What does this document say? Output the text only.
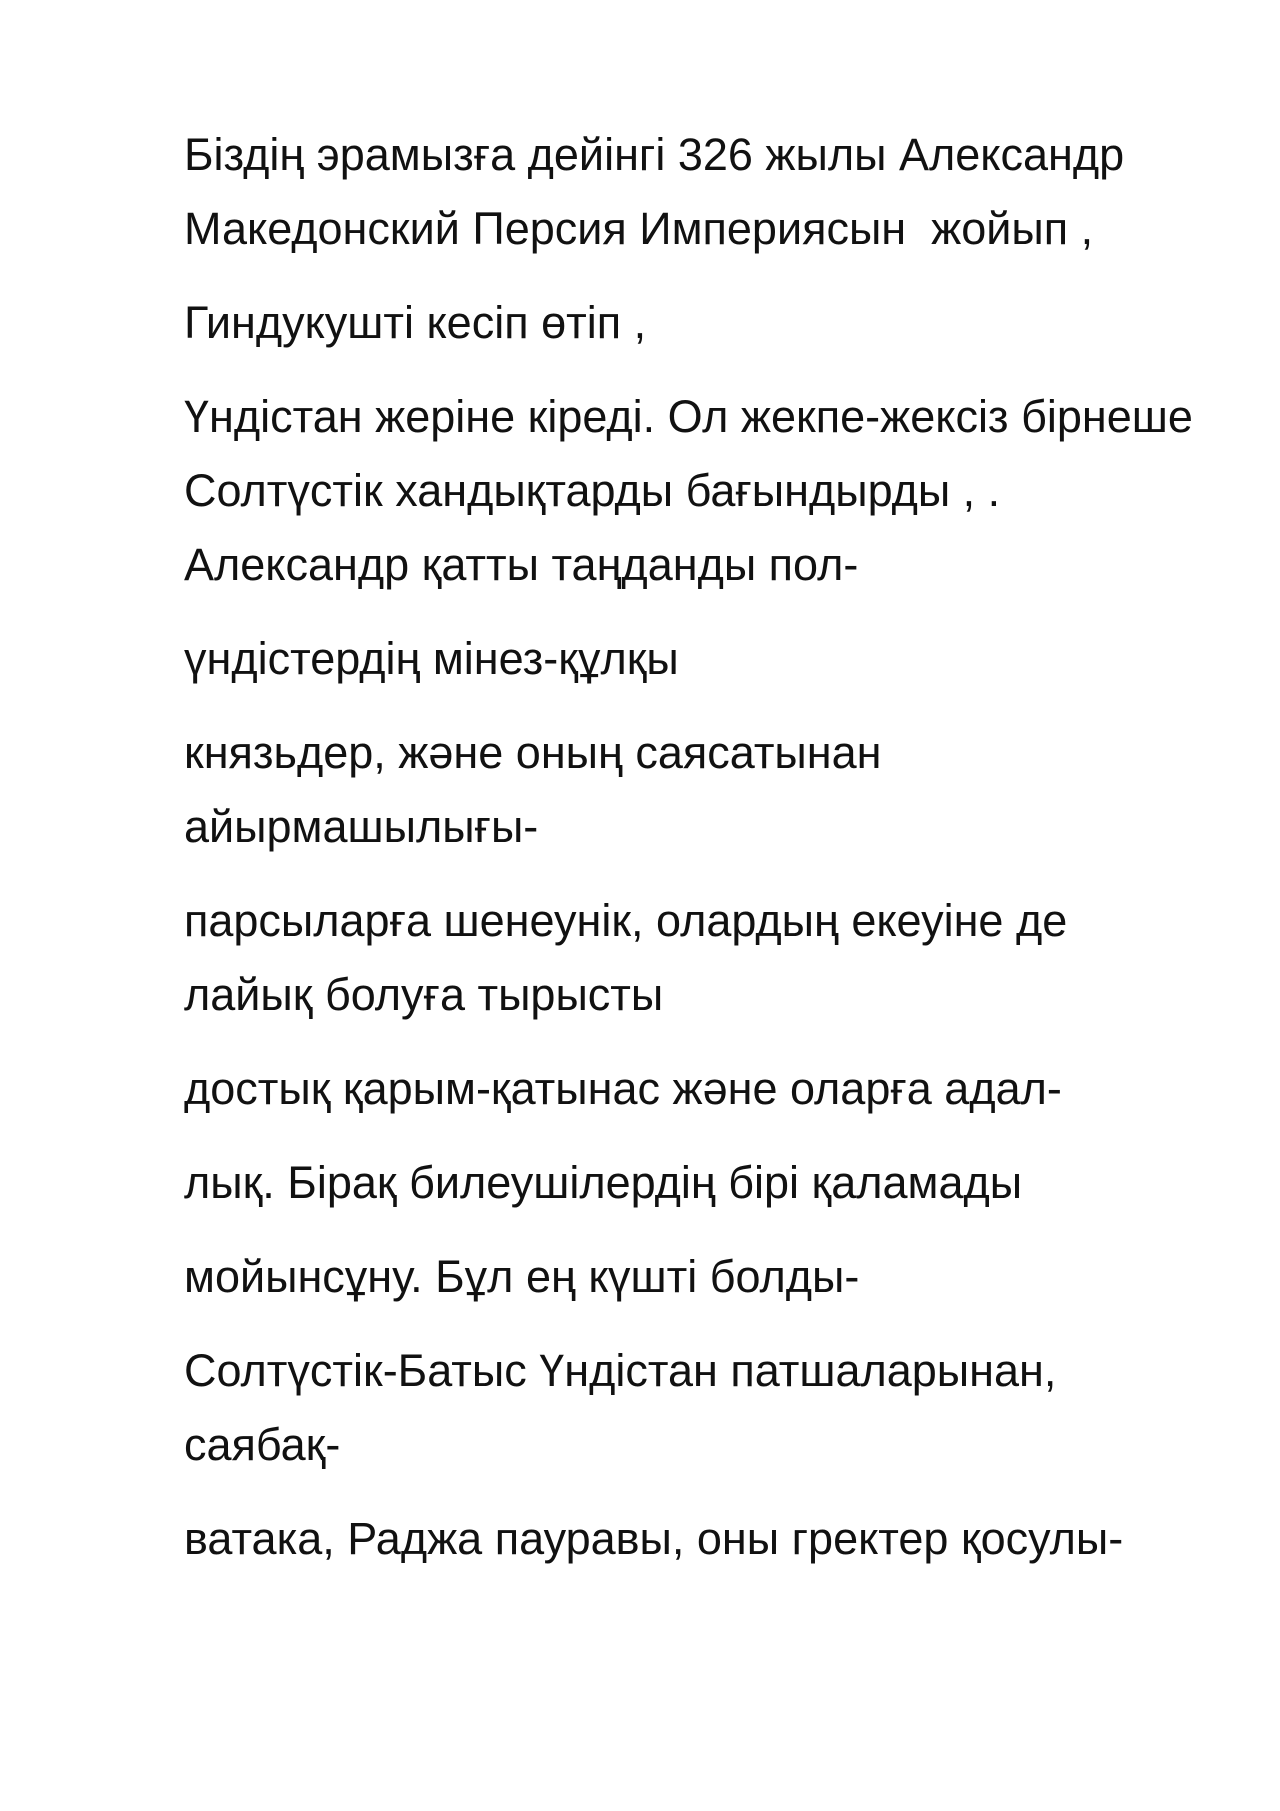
Біздің эрамызға дейінгі 326 жылы Александр Македонский Персия Империясын  жойып ,

Гиндукушті кесіп өтіп ,

Үндістан жеріне кіреді. Ол жекпе-жексіз бірнеше Солтүстік хандықтарды бағындырды , . Александр қатты таңданды пол-

үндістердің мінез-құлқы

князьдер, және оның саясатынан айырмашылығы-

парсыларға шенеунік, олардың екеуіне де лайық болуға тырысты

достық қарым-қатынас және оларға адал-

лық. Бірақ билеушілердің бірі қаламады

мойынсұну. Бұл ең күшті болды-

Солтүстік-Батыс Үндістан патшаларынан, саябақ-

ватака, Раджа пауравы, оны гректер қосулы-
